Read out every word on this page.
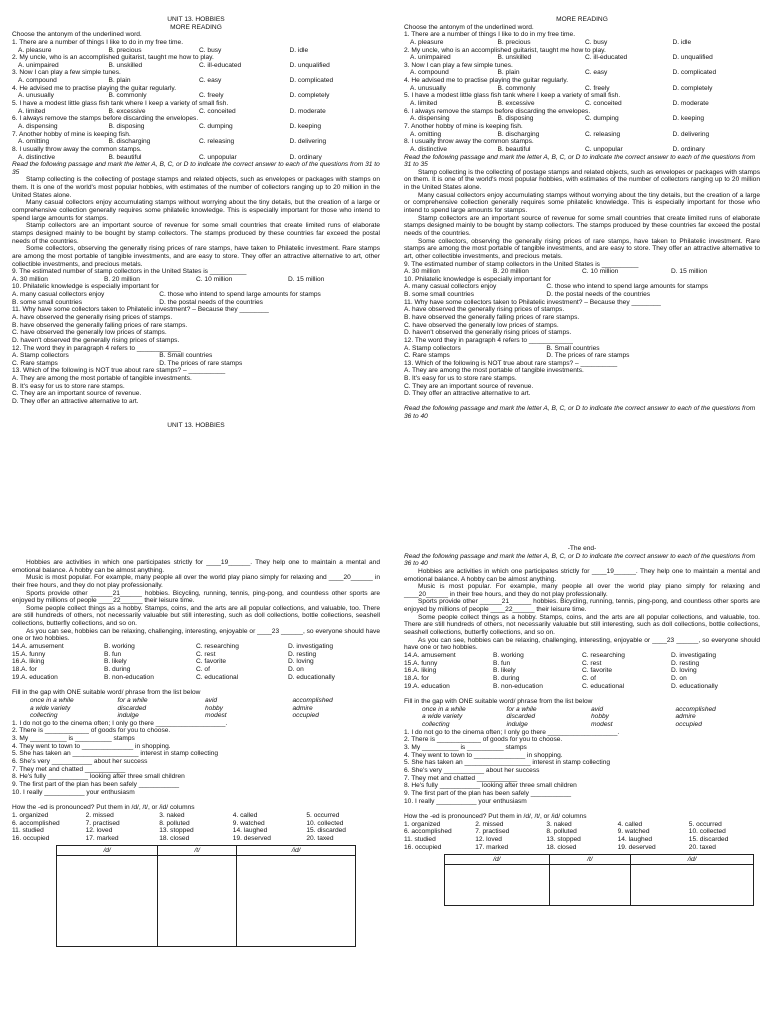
UNIT 13. HOBBIES
MORE READING
Choose the antonym of the underlined word.
1. There are a number of things I like to do in my free time.
A. pleasure	B. precious	C. busy	D. idle
2. My uncle, who is an accomplished guitarist, taught me how to play.
A. unimpaired	B. unskilled	C. ill-educated	D. unqualified
3. Now I can play a few simple tunes.
A. compound	B. plain	C. easy	D. complicated
4. He advised me to practise playing the guitar regularly.
A. unusually	B. commonly	C. freely	D. completely
5. I have a modest little glass fish tank where I keep a variety of small fish.
A. limited	B. excessive	C. conceited	D. moderate
6. I always remove the stamps before discarding the envelopes.
A. dispensing	B. disposing	C. dumping	D. keeping
7. Another hobby of mine is keeping fish.
A. omitting	B. discharging	C. releasing	D. delivering
8. I usually throw away the common stamps.
A. distinctive	B. beautiful	C. unpopular	D. ordinary
Read the following passage and mark the letter A, B, C, or D to indicate the correct answer to each of the questions from 31 to 35
Stamp collecting is the collecting of postage stamps and related objects, such as envelopes or packages with stamps on them. It is one of the world's most popular hobbies, with estimates of the number of collectors ranging up to 20 million in the United States alone.
Many casual collectors enjoy accumulating stamps without worrying about the tiny details, but the creation of a large or comprehensive collection generally requires some philatelic knowledge. This is especially important for those who intend to spend large amounts for stamps.
Stamp collectors are an important source of revenue for some small countries that create limited runs of elaborate stamps designed mainly to be bought by stamp collectors. The stamps produced by these countries far exceed the postal needs of the countries.
Some collectors, observing the generally rising prices of rare stamps, have taken to Philatelic investment. Rare stamps are among the most portable of tangible investments, and are easy to store. They offer an attractive alternative to art, other collectible investments, and precious metals.
9. The estimated number of stamp collectors in the United States is __________
A. 30 million	B. 20 million	C. 10 million	D. 15 million
10. Philatelic knowledge is especially important for
A. many casual collectors enjoy	C. those who intend to spend large amounts for stamps
B. some small countries	D. the postal needs of the countries
11. Why have some collectors taken to Philatelic investment? – Because they ________
A. have observed the generally rising prices of stamps.
B. have observed the generally falling prices of rare stamps.
C. have observed the generally low prices of stamps.
D. haven't observed the generally rising prices of stamps.
12. The word they in paragraph 4 refers to ____________
A. Stamp collectors	B. Small countries
C. Rare stamps	D. The prices of rare stamps
13. Which of the following is NOT true about rare stamps? – __________
A. They are among the most portable of tangible investments.
B. It's easy for us to store rare stamps.
C. They are an important source of revenue.
D. They offer an attractive alternative to art.
UNIT 13. HOBBIES
MORE READING
Choose the antonym of the underlined word.
1. There are a number of things I like to do in my free time.
A. pleasure	B. precious	C. busy	D. idle
2. My uncle, who is an accomplished guitarist, taught me how to play.
A. unimpaired	B. unskilled	C. ill-educated	D. unqualified
3. Now I can play a few simple tunes.
A. compound	B. plain	C. easy	D. complicated
4. He advised me to practise playing the guitar regularly.
A. unusually	B. commonly	C. freely	D. completely
5. I have a modest little glass fish tank where I keep a variety of small fish.
A. limited	B. excessive	C. conceited	D. moderate
6. I always remove the stamps before discarding the envelopes.
A. dispensing	B. disposing	C. dumping	D. keeping
7. Another hobby of mine is keeping fish.
A. omitting	B. discharging	C. releasing	D. delivering
8. I usually throw away the common stamps.
A. distinctive	B. beautiful	C. unpopular	D. ordinary
Read the following passage and mark the letter A, B, C, or D to indicate the correct answer to each of the questions from 31 to 35
Stamp collecting is the collecting of postage stamps and related objects, such as envelopes or packages with stamps on them. It is one of the world's most popular hobbies, with estimates of the number of collectors ranging up to 20 million in the United States alone.
Many casual collectors enjoy accumulating stamps without worrying about the tiny details, but the creation of a large or comprehensive collection generally requires some philatelic knowledge. This is especially important for those who intend to spend large amounts for stamps.
Stamp collectors are an important source of revenue for some small countries that create limited runs of elaborate stamps designed mainly to be bought by stamp collectors. The stamps produced by these countries far exceed the postal needs of the countries.
Some collectors, observing the generally rising prices of rare stamps, have taken to Philatelic investment. Rare stamps are among the most portable of tangible investments, and are easy to store. They offer an attractive alternative to art, other collectible investments, and precious metals.
9. The estimated number of stamp collectors in the United States is __________
A. 30 million	B. 20 million	C. 10 million	D. 15 million
10. Philatelic knowledge is especially important for
A. many casual collectors enjoy	C. those who intend to spend large amounts for stamps
B. some small countries	D. the postal needs of the countries
11. Why have some collectors taken to Philatelic investment? – Because they ________
A. have observed the generally rising prices of stamps.
B. have observed the generally falling prices of rare stamps.
C. have observed the generally low prices of stamps.
D. haven't observed the generally rising prices of stamps.
12. The word they in paragraph 4 refers to ____________
A. Stamp collectors	B. Small countries
C. Rare stamps	D. The prices of rare stamps
13. Which of the following is NOT true about rare stamps? – __________
A. They are among the most portable of tangible investments.
B. It's easy for us to store rare stamps.
C. They are an important source of revenue.
D. They offer an attractive alternative to art.
Read the following passage and mark the letter A, B, C, or D to indicate the correct answer to each of the questions from 36 to 40
Hobbies are activities in which one participates strictly for ____19______. They help one to maintain a mental and emotional balance. A hobby can be almost anything.
Music is most popular. For example, many people all over the world play piano simply for relaxing and ____20______ in their free hours, and they do not play professionally.
Sports provide other ______21______ hobbies. Bicycling, running, tennis, ping-pong, and countless other sports are enjoyed by millions of people ____22______ their leisure time.
Some people collect things as a hobby. Stamps, coins, and the arts are all popular collections, and valuable, too. There are still hundreds of others, not necessarily valuable but still interesting, such as doll collections, bottle collections, seashell collections, butterfly collections, and so on.
As you can see, hobbies can be relaxing, challenging, interesting, enjoyable or ____23 ______, so everyone should have one or two hobbies.
14.A. amusement	B. working	C. researching	D. investigating
15.A. funny	B. fun	C. rest	D. resting
16.A. liking	B. likely	C. favorite	D. loving
18.A. for	B. during	C. of	D. on
19.A. education	B. non-education	C. educational	D. educationally
Fill in the gap with ONE suitable word/ phrase from the list below
once in a while	for a while	avid	accomplished
a wide variety	discarded	hobby	admire
collecting	indulge	modest	occupied
1. I do not go to the cinema often; I only go there ___________________.
2. There is ____________ of goods for you to choose.
3. My __________ is __________ stamps
4. They went to town to ______________ in shopping.
5. She has taken an __________________ interest in stamp collecting
6. She's very ___________ about her success
7. They met and chatted ___________
8. He's fully ___________ looking after three small children
9. The first part of the plan has been safely ___________
10. I really ___________ your enthusiasm
How the -ed is pronounced? Put them in /d/, /t/, or /id/ columns
1. organized	2. missed	3. naked	4. called	5. occurred
6. accomplished	7. practised	8. polluted	9. watched	10. collected
11. studied	12. loved	13. stopped	14. laughed	15. discarded
16. occupied	17. marked	18. closed	19. deserved	20. taxed
/d/	/t/	/id/

-The end-
Read the following passage and mark the letter A, B, C, or D to indicate the correct answer to each of the questions from 36 to 40
Hobbies are activities in which one participates strictly for ____19______. They help one to maintain a mental and emotional balance. A hobby can be almost anything.
Music is most popular. For example, many people all over the world play piano simply for relaxing and ____20______ in their free hours, and they do not play professionally.
Sports provide other ______21______ hobbies. Bicycling, running, tennis, ping-pong, and countless other sports are enjoyed by millions of people ____22______ their leisure time.
Some people collect things as a hobby. Stamps, coins, and the arts are all popular collections, and valuable, too. There are still hundreds of others, not necessarily valuable but still interesting, such as doll collections, bottle collections, seashell collections, butterfly collections, and so on.
As you can see, hobbies can be relaxing, challenging, interesting, enjoyable or ____23 ______, so everyone should have one or two hobbies.
14.A. amusement	B. working	C. researching	D. investigating
15.A. funny	B. fun	C. rest	D. resting
16.A. liking	B. likely	C. favorite	D. loving
18.A. for	B. during	C. of	D. on
19.A. education	B. non-education	C. educational	D. educationally
Fill in the gap with ONE suitable word/ phrase from the list below
once in a while	for a while	avid	accomplished
a wide variety	discarded	hobby	admire
collecting	indulge	modest	occupied
1. I do not go to the cinema often; I only go there ___________________.
2. There is ____________ of goods for you to choose.
3. My __________ is __________ stamps
4. They went to town to ______________ in shopping.
5. She has taken an __________________ interest in stamp collecting
6. She's very ___________ about her success
7. They met and chatted ___________
8. He's fully ___________ looking after three small children
9. The first part of the plan has been safely ___________
10. I really ___________ your enthusiasm
How the -ed is pronounced? Put them in /d/, /t/, or /id/ columns
1. organized	2. missed	3. naked	4. called	5. occurred
6. accomplished	7. practised	8. polluted	9. watched	10. collected
11. studied	12. loved	13. stopped	14. laughed	15. discarded
16. occupied	17. marked	18. closed	19. deserved	20. taxed
/d/	/t/	/id/
